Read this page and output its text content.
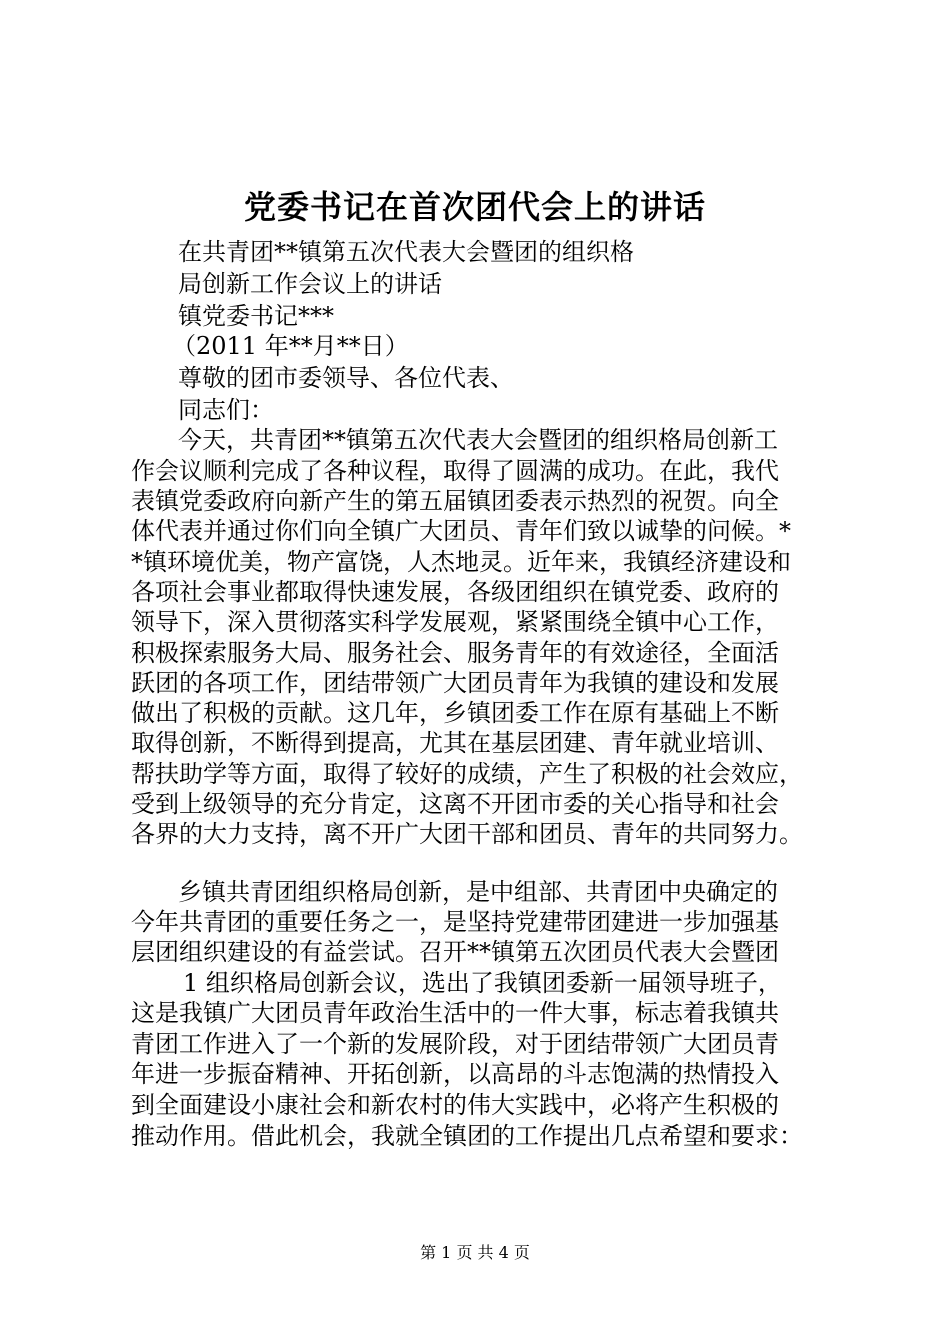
党委书记在首次团代会上的讲话
在共青团**镇第五次代表大会暨团的组织格
局创新工作会议上的讲话
镇党委书记***
（2011 年**月**日）
尊敬的团市委领导、各位代表、
同志们：
今天，共青团**镇第五次代表大会暨团的组织格局创新工
作会议顺利完成了各种议程，取得了圆满的成功。在此，我代
表镇党委政府向新产生的第五届镇团委表示热烈的祝贺。向全
体代表并通过你们向全镇广大团员、青年们致以诚挚的问候。*
*镇环境优美，物产富饶，人杰地灵。近年来，我镇经济建设和
各项社会事业都取得快速发展，各级团组织在镇党委、政府的
领导下，深入贯彻落实科学发展观，紧紧围绕全镇中心工作，
积极探索服务大局、服务社会、服务青年的有效途径，全面活
跃团的各项工作，团结带领广大团员青年为我镇的建设和发展
做出了积极的贡献。这几年，乡镇团委工作在原有基础上不断
取得创新，不断得到提高，尤其在基层团建、青年就业培训、
帮扶助学等方面，取得了较好的成绩，产生了积极的社会效应，
受到上级领导的充分肯定，这离不开团市委的关心指导和社会
各界的大力支持，离不开广大团干部和团员、青年的共同努力。
乡镇共青团组织格局创新，是中组部、共青团中央确定的
今年共青团的重要任务之一，是坚持党建带团建进一步加强基
层团组织建设的有益尝试。召开**镇第五次团员代表大会暨团
1 组织格局创新会议，选出了我镇团委新一届领导班子，
这是我镇广大团员青年政治生活中的一件大事，标志着我镇共
青团工作进入了一个新的发展阶段，对于团结带领广大团员青
年进一步振奋精神、开拓创新，以高昂的斗志饱满的热情投入
到全面建设小康社会和新农村的伟大实践中，必将产生积极的
推动作用。借此机会，我就全镇团的工作提出几点希望和要求：
第 1 页 共 4 页
